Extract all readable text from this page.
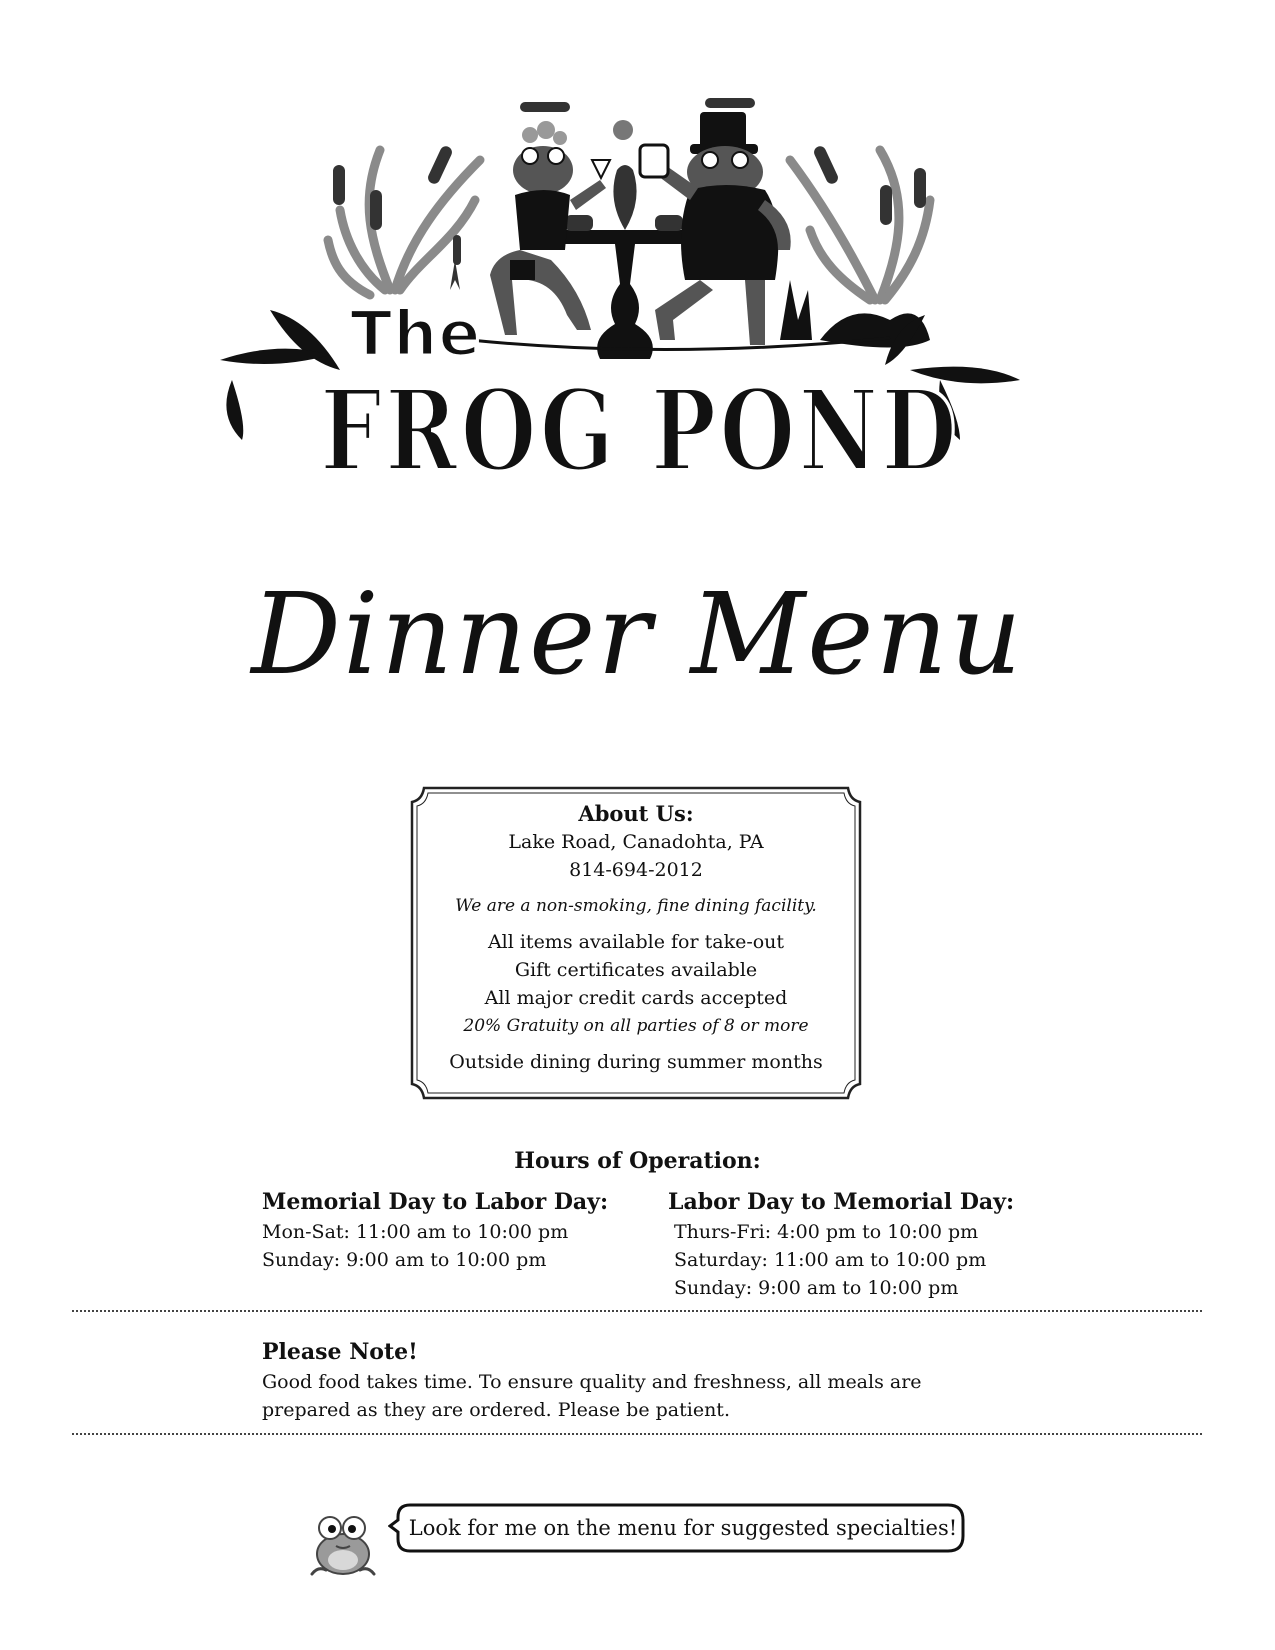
The
FROG POND
Dinner Menu
About Us:
Lake Road, Canadohta, PA
814-694-2012
We are a non-smoking, fine dining facility.
All items available for take-out
Gift certificates available
All major credit cards accepted
20% Gratuity on all parties of 8 or more
Outside dining during summer months
Hours of Operation:
Memorial Day to Labor Day:
Mon-Sat: 11:00 am to 10:00 pm
Sunday: 9:00 am to 10:00 pm
Labor Day to Memorial Day:
Thurs-Fri: 4:00 pm to 10:00 pm
Saturday: 11:00 am to 10:00 pm
Sunday: 9:00 am to 10:00 pm
Please Note!
Good food takes time. To ensure quality and freshness, all meals are
prepared as they are ordered. Please be patient.
Look for me on the menu for suggested specialties!
